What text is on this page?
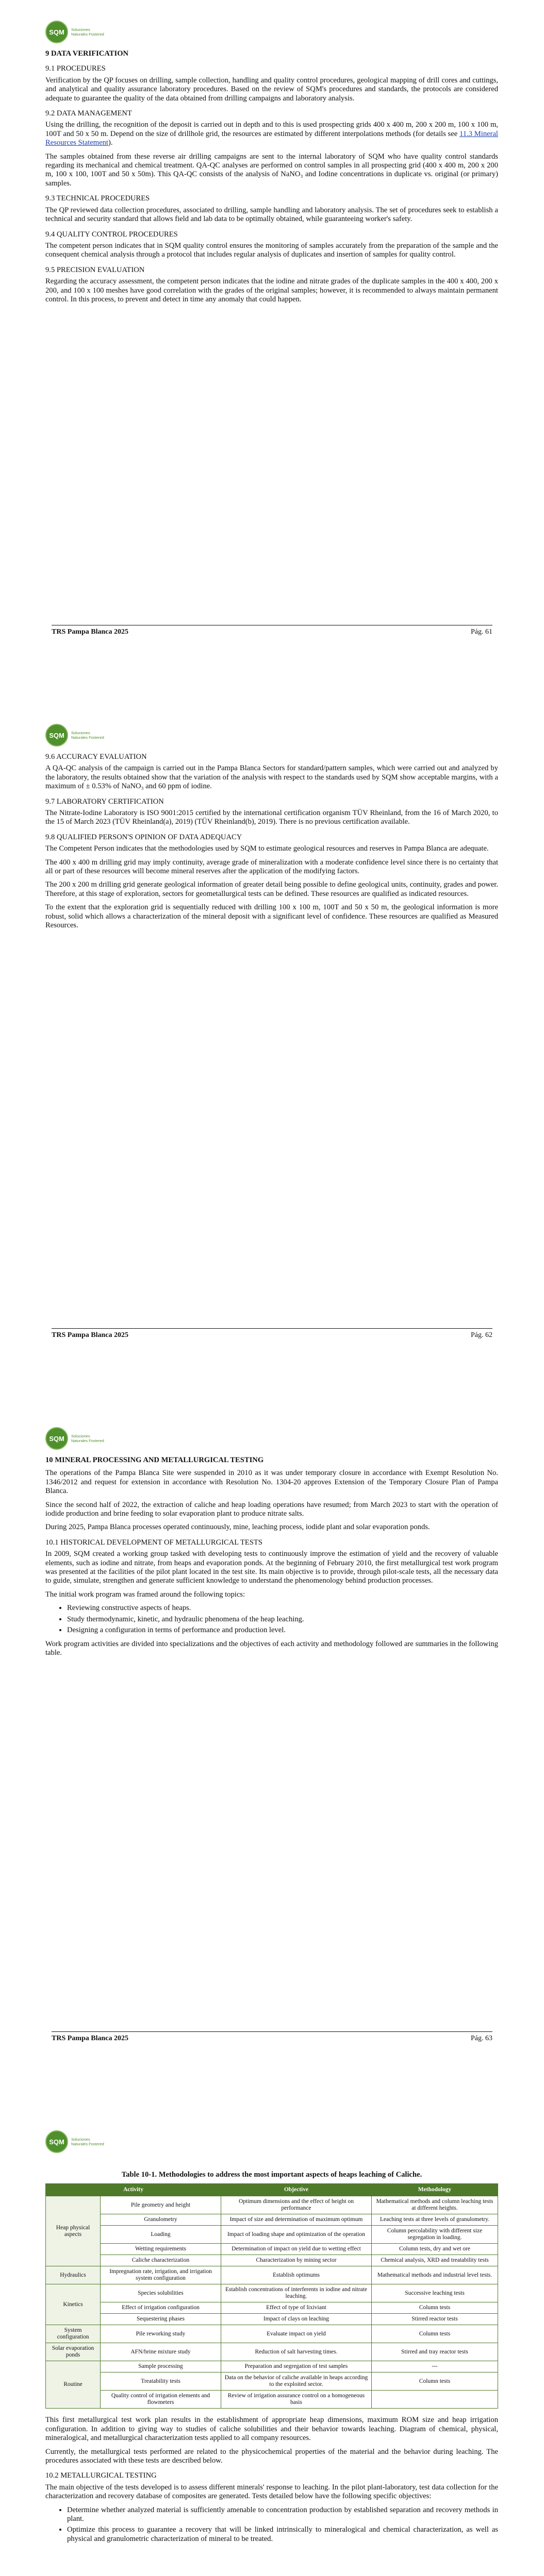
SQM	Soluciones Naturales Fostered
9 DATA VERIFICATION
9.1 PROCEDURES

Verification by the QP focuses on drilling, sample collection, handling and quality control procedures, geological mapping of drill cores and cuttings, and analytical and quality assurance laboratory procedures. Based on the review of SQM's procedures and standards, the protocols are considered adequate to guarantee the quality of the data obtained from drilling campaigns and laboratory analysis.

9.2 DATA MANAGEMENT

Using the drilling, the recognition of the deposit is carried out in depth and to this is used prospecting grids 400 x 400 m, 200 x 200 m, 100 x 100 m, 100T and 50 x 50 m. Depend on the size of drillhole grid, the resources are estimated by different interpolations methods (for details see 11.3 Mineral Resources Statement).

The samples obtained from these reverse air drilling campaigns are sent to the internal laboratory of SQM who have quality control standards regarding its mechanical and chemical treatment. QA-QC analyses are performed on control samples in all prospecting grid (400 x 400 m, 200 x 200 m, 100 x 100, 100T and 50 x 50m). This QA-QC consists of the analysis of NaNO₃ and Iodine concentrations in duplicate vs. original (or primary) samples.

9.3 TECHNICAL PROCEDURES

The QP reviewed data collection procedures, associated to drilling, sample handling and laboratory analysis. The set of procedures seek to establish a technical and security standard that allows field and lab data to be optimally obtained, while guaranteeing worker's safety.

9.4 QUALITY CONTROL PROCEDURES

The competent person indicates that in SQM quality control ensures the monitoring of samples accurately from the preparation of the sample and the consequent chemical analysis through a protocol that includes regular analysis of duplicates and insertion of samples for quality control.

9.5 PRECISION EVALUATION

Regarding the accuracy assessment, the competent person indicates that the iodine and nitrate grades of the duplicate samples in the 400 x 400, 200 x 200, and 100 x 100 meshes have good correlation with the grades of the original samples; however, it is recommended to always maintain permanent control. In this process, to prevent and detect in time any anomaly that could happen.

TRS Pampa Blanca 2025	Pág. 61
SQM	Soluciones Naturales Fostered
9.6 ACCURACY EVALUATION

A QA-QC analysis of the campaign is carried out in the Pampa Blanca Sectors for standard/pattern samples, which were carried out and analyzed by the laboratory, the results obtained show that the variation of the analysis with respect to the standards used by SQM show acceptable margins, with a maximum of ± 0.53% of NaNO₃ and 60 ppm of iodine.

9.7 LABORATORY CERTIFICATION

The Nitrate-Iodine Laboratory is ISO 9001:2015 certified by the international certification organism TÜV Rheinland, from the 16 of March 2020, to the 15 of March 2023 (TÜV Rheinland(a), 2019) (TÜV Rheinland(b), 2019). There is no previous certification available.

9.8 QUALIFIED PERSON'S OPINION OF DATA ADEQUACY

The Competent Person indicates that the methodologies used by SQM to estimate geological resources and reserves in Pampa Blanca are adequate.

The 400 x 400 m drilling grid may imply continuity, average grade of mineralization with a moderate confidence level since there is no certainty that all or part of these resources will become mineral reserves after the application of the modifying factors.

The 200 x 200 m drilling grid generate geological information of greater detail being possible to define geological units, continuity, grades and power. Therefore, at this stage of exploration, sectors for geometallurgical tests can be defined. These resources are qualified as indicated resources.

To the extent that the exploration grid is sequentially reduced with drilling 100 x 100 m, 100T and 50 x 50 m, the geological information is more robust, solid which allows a characterization of the mineral deposit with a significant level of confidence. These resources are qualified as Measured Resources.

TRS Pampa Blanca 2025	Pág. 62
SQM	Soluciones Naturales Fostered
10 MINERAL PROCESSING AND METALLURGICAL TESTING

The operations of the Pampa Blanca Site were suspended in 2010 as it was under temporary closure in accordance with Exempt Resolution No. 1346/2012 and request for extension in accordance with Resolution No. 1304-20 approves Extension of the Temporary Closure Plan of Pampa Blanca.

Since the second half of 2022, the extraction of caliche and heap loading operations have resumed; from March 2023 to start with the operation of iodide production and brine feeding to solar evaporation plant to produce nitrate salts.

During 2025, Pampa Blanca processes operated continuously, mine, leaching process, iodide plant and solar evaporation ponds.

10.1 HISTORICAL DEVELOPMENT OF METALLURGICAL TESTS

In 2009, SQM created a working group tasked with developing tests to continuously improve the estimation of yield and the recovery of valuable elements, such as iodine and nitrate, from heaps and evaporation ponds. At the beginning of February 2010, the first metallurgical test work program was presented at the facilities of the pilot plant located in the test site. Its main objective is to provide, through pilot-scale tests, all the necessary data to guide, simulate, strengthen and generate sufficient knowledge to understand the phenomenology behind production processes.

The initial work program was framed around the following topics:

• Reviewing constructive aspects of heaps.
• Study thermodynamic, kinetic, and hydraulic phenomena of the heap leaching.
• Designing a configuration in terms of performance and production level.

Work program activities are divided into specializations and the objectives of each activity and methodology followed are summaries in the following table.

TRS Pampa Blanca 2025	Pág. 63
SQM	Soluciones Naturales Fostered

Table 10-1. Methodologies to address the most important aspects of heaps leaching of Caliche.

Activity		Objective	Methodology
Heap physical aspects	Pile geometry and height	Optimum dimensions and the effect of height on performance	Mathematical methods and column leaching tests at different heights.
	Granulometry	Impact of size and determination of maximum optimum	Leaching tests at three levels of granulometry.
	Loading	Impact of loading shape and optimization of the operation	Column percolability with different size segregation in loading.
	Wetting requirements	Determination of impact on yield due to wetting effect	Column tests, dry and wet ore
	Caliche characterization	Characterization by mining sector	Chemical analysis, XRD and treatability tests
Hydraulics	Impregnation rate, irrigation, and irrigation system configuration	Establish optimums	Mathematical methods and industrial level tests.
Kinetics	Species solubilities	Establish concentrations of interferents in iodine and nitrate leaching.	Successive leaching tests
	Effect of irrigation configuration	Effect of type of lixiviant	Column tests
	Sequestering phases	Impact of clays on leaching	Stirred reactor tests
System configuration	Pile reworking study	Evaluate impact on yield	Column tests
Solar evaporation ponds	AFN/brine mixture study	Reduction of salt harvesting times.	Stirred and tray reactor tests
Routine	Sample processing	Preparation and segregation of test samples	---
	Treatability tests	Data on the behavior of caliche available in heaps according to the exploited sector.	Column tests
	Quality control of irrigation elements and flowmeters	Review of irrigation assurance control on a homogeneous basis	

This first metallurgical test work plan results in the establishment of appropriate heap dimensions, maximum ROM size and heap irrigation configuration. In addition to giving way to studies of caliche solubilities and their behavior towards leaching. Diagram of chemical, physical, mineralogical, and metallurgical characterization tests applied to all company resources.

Currently, the metallurgical tests performed are related to the physicochemical properties of the material and the behavior during leaching. The procedures associated with these tests are described below.

10.2 METALLURGICAL TESTING

The main objective of the tests developed is to assess different minerals' response to leaching. In the pilot plant-laboratory, test data collection for the characterization and recovery database of composites are generated. Tests detailed below have the following specific objectives:

• Determine whether analyzed material is sufficiently amenable to concentration production by established separation and recovery methods in plant.
• Optimize this process to guarantee a recovery that will be linked intrinsically to mineralogical and chemical characterization, as well as physical and granulometric characterization of mineral to be treated.
